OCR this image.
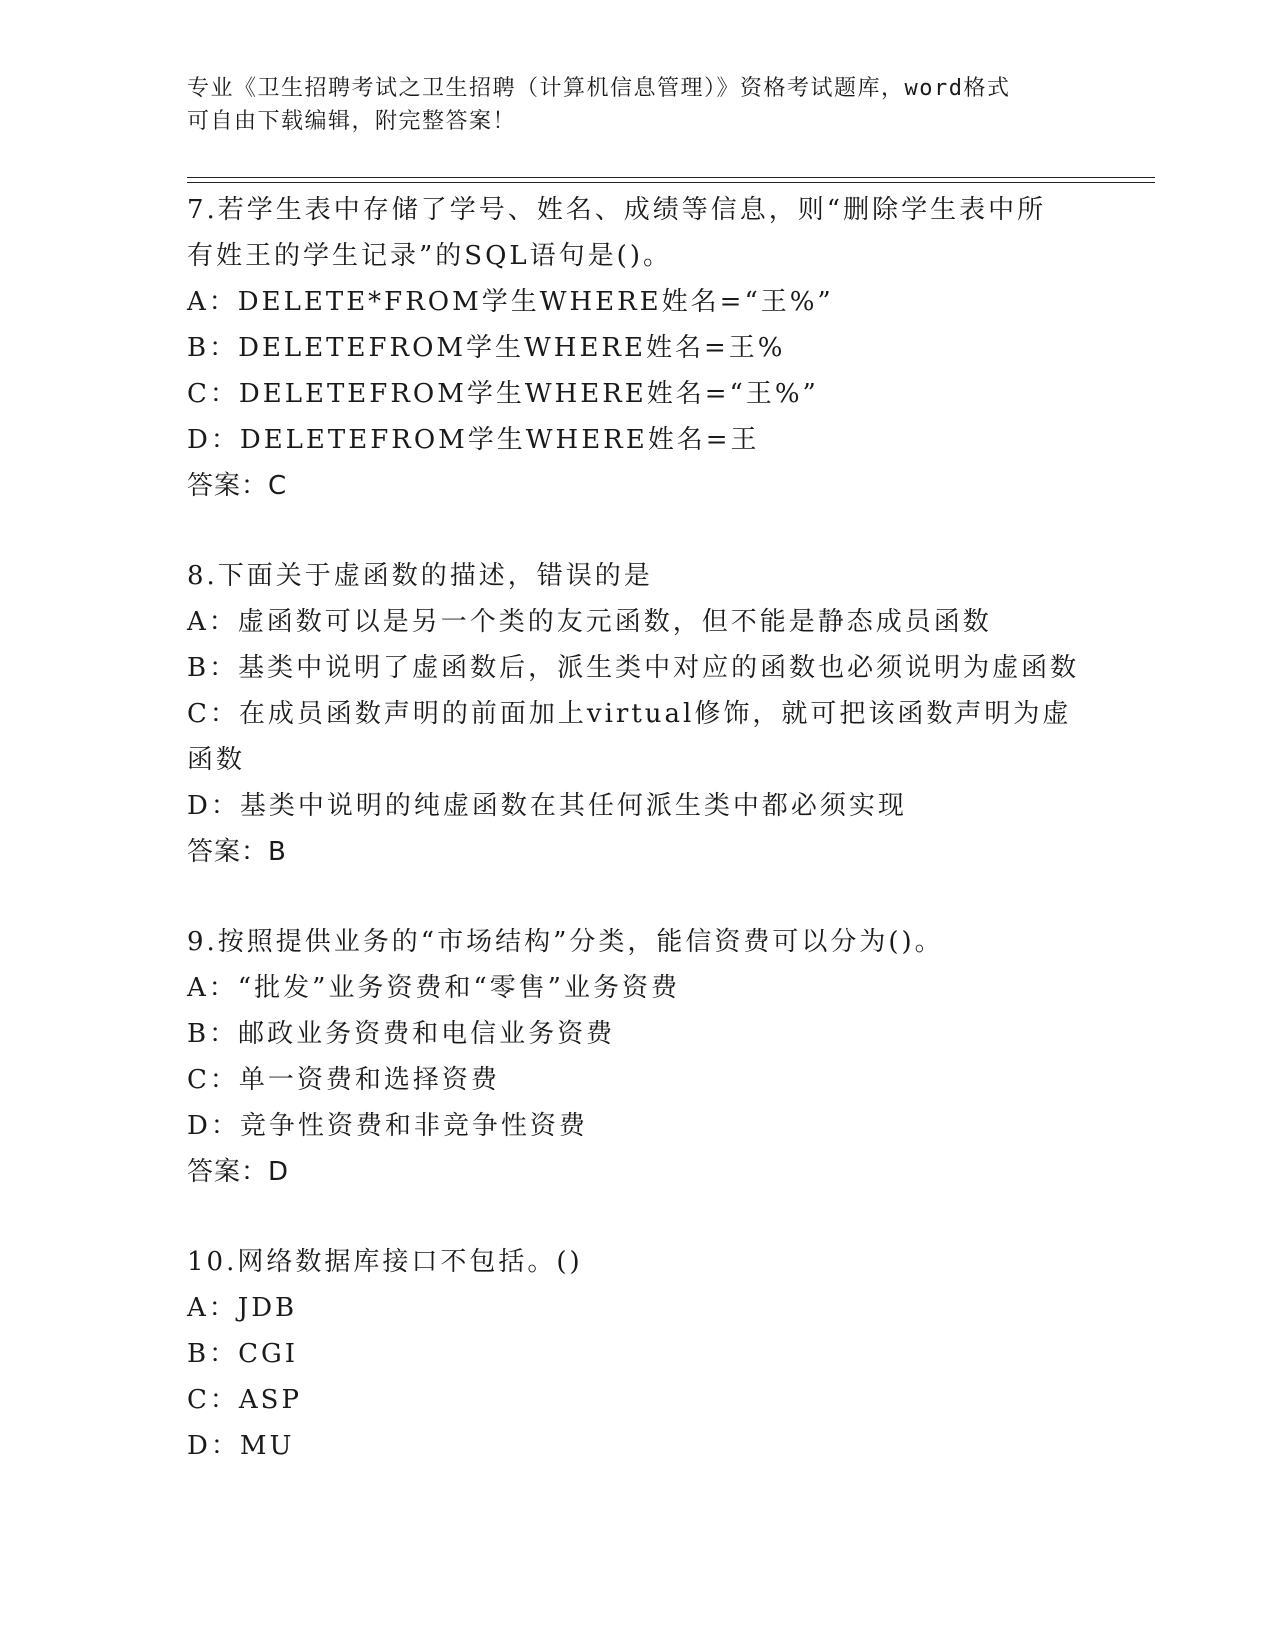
专业《卫生招聘考试之卫生招聘（计算机信息管理）》资格考试题库，word格式

可自由下载编辑，附完整答案！

7.若学生表中存储了学号、姓名、成绩等信息，则“删除学生表中所

有姓王的学生记录”的SQL语句是()。

A：DELETE*FROM学生WHERE姓名=“王%”

B：DELETEFROM学生WHERE姓名=王%

C：DELETEFROM学生WHERE姓名=“王%”

D：DELETEFROM学生WHERE姓名=王

答案：C

8.下面关于虚函数的描述，错误的是

A：虚函数可以是另一个类的友元函数，但不能是静态成员函数

B：基类中说明了虚函数后，派生类中对应的函数也必须说明为虚函数

C：在成员函数声明的前面加上virtual修饰，就可把该函数声明为虚

函数

D：基类中说明的纯虚函数在其任何派生类中都必须实现

答案：B

9.按照提供业务的“市场结构”分类，能信资费可以分为()。

A：“批发”业务资费和“零售”业务资费

B：邮政业务资费和电信业务资费

C：单一资费和选择资费

D：竞争性资费和非竞争性资费

答案：D

10.网络数据库接口不包括。()

A：JDB

B：CGI

C：ASP

D：MU
